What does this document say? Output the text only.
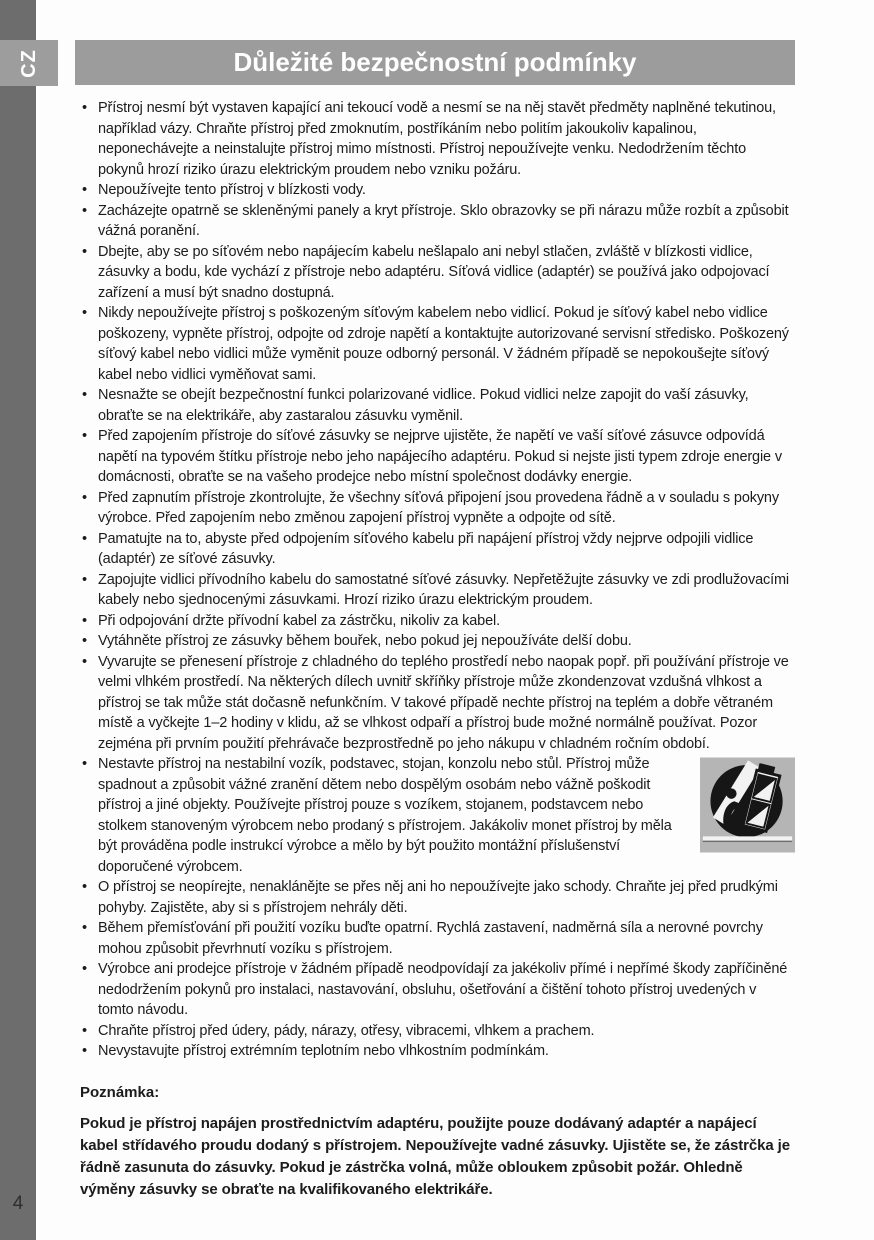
CZ
4
Důležité bezpečnostní podmínky
• Přístroj nesmí být vystaven kapající ani tekoucí vodě a nesmí se na něj stavět předměty naplněné tekutinou, například vázy. Chraňte přístroj před zmoknutím, postříkáním nebo politím jakoukoliv kapalinou, neponechávejte a neinstalujte přístroj mimo místnosti. Přístroj nepoužívejte venku. Nedodržením těchto pokynů hrozí riziko úrazu elektrickým proudem nebo vzniku požáru.
• Nepoužívejte tento přístroj v blízkosti vody.
• Zacházejte opatrně se skleněnými panely a kryt přístroje. Sklo obrazovky se při nárazu může rozbít a způsobit vážná poranění.
• Dbejte, aby se po síťovém nebo napájecím kabelu nešlapalo ani nebyl stlačen, zvláště v blízkosti vidlice, zásuvky a bodu, kde vychází z přístroje nebo adaptéru. Síťová vidlice (adaptér) se používá jako odpojovací zařízení a musí být snadno dostupná.
• Nikdy nepoužívejte přístroj s poškozeným síťovým kabelem nebo vidlicí. Pokud je síťový kabel nebo vidlice poškozeny, vypněte přístroj, odpojte od zdroje napětí a kontaktujte autorizované servisní středisko. Poškozený síťový kabel nebo vidlici může vyměnit pouze odborný personál. V žádném případě se nepokoušejte síťový kabel nebo vidlici vyměňovat sami.
• Nesnažte se obejít bezpečnostní funkci polarizované vidlice. Pokud vidlici nelze zapojit do vaší zásuvky, obraťte se na elektrikáře, aby zastaralou zásuvku vyměnil.
• Před zapojením přístroje do síťové zásuvky se nejprve ujistěte, že napětí ve vaší síťové zásuvce odpovídá napětí na typovém štítku přístroje nebo jeho napájecího adaptéru. Pokud si nejste jisti typem zdroje energie v domácnosti, obraťte se na vašeho prodejce nebo místní společnost dodávky energie.
• Před zapnutím přístroje zkontrolujte, že všechny síťová připojení jsou provedena řádně a v souladu s pokyny výrobce. Před zapojením nebo změnou zapojení přístroj vypněte a odpojte od sítě.
• Pamatujte na to, abyste před odpojením síťového kabelu při napájení přístroj vždy nejprve odpojili vidlice (adaptér) ze síťové zásuvky.
• Zapojujte vidlici přívodního kabelu do samostatné síťové zásuvky. Nepřetěžujte zásuvky ve zdi prodlužovacími kabely nebo sjednocenými zásuvkami. Hrozí riziko úrazu elektrickým proudem.
• Při odpojování držte přívodní kabel za zástrčku, nikoliv za kabel.
• Vytáhněte přístroj ze zásuvky během bouřek, nebo pokud jej nepoužíváte delší dobu.
• Vyvarujte se přenesení přístroje z chladného do teplého prostředí nebo naopak popř. při používání přístroje ve velmi vlhkém prostředí. Na některých dílech uvnitř skříňky přístroje může zkondenzovat vzdušná vlhkost a přístroj se tak může stát dočasně nefunkčním. V takové případě nechte přístroj na teplém a dobře větraném místě a vyčkejte 1–2 hodiny v klidu, až se vlhkost odpaří a přístroj bude možné normálně používat. Pozor zejména při prvním použití přehrávače bezprostředně po jeho nákupu v chladném ročním období.
• Nestavte přístroj na nestabilní vozík, podstavec, stojan, konzolu nebo stůl. Přístroj může spadnout a způsobit vážné zranění dětem nebo dospělým osobám nebo vážně poškodit přístroj a jiné objekty. Používejte přístroj pouze s vozíkem, stojanem, podstavcem nebo stolkem stanoveným výrobcem nebo prodaný s přístrojem. Jakákoliv monet přístroj by měla být prováděna podle instrukcí výrobce a mělo by být použito montážní příslušenství doporučené výrobcem.
• O přístroj se neopírejte, nenaklánějte se přes něj ani ho nepoužívejte jako schody. Chraňte jej před prudkými pohyby. Zajistěte, aby si s přístrojem nehrály děti.
• Během přemísťování při použití vozíku buďte opatrní. Rychlá zastavení, nadměrná síla a nerovné povrchy mohou způsobit převrhnutí vozíku s přístrojem.
• Výrobce ani prodejce přístroje v žádném případě neodpovídají za jakékoliv přímé i nepřímé škody zapříčiněné nedodržením pokynů pro instalaci, nastavování, obsluhu, ošetřování a čištění tohoto přístroj uvedených v tomto návodu.
• Chraňte přístroj před údery, pády, nárazy, otřesy, vibracemi, vlhkem a prachem.
• Nevystavujte přístroj extrémním teplotním nebo vlhkostním podmínkám.
Poznámka:

Pokud je přístroj napájen prostřednictvím adaptéru, použijte pouze dodávaný adaptér a napájecí kabel střídavého proudu dodaný s přístrojem. Nepoužívejte vadné zásuvky. Ujistěte se, že zástrčka je řádně zasunuta do zásuvky. Pokud je zástrčka volná, může obloukem způsobit požár. Ohledně výměny zásuvky se obraťte na kvalifikovaného elektrikáře.
